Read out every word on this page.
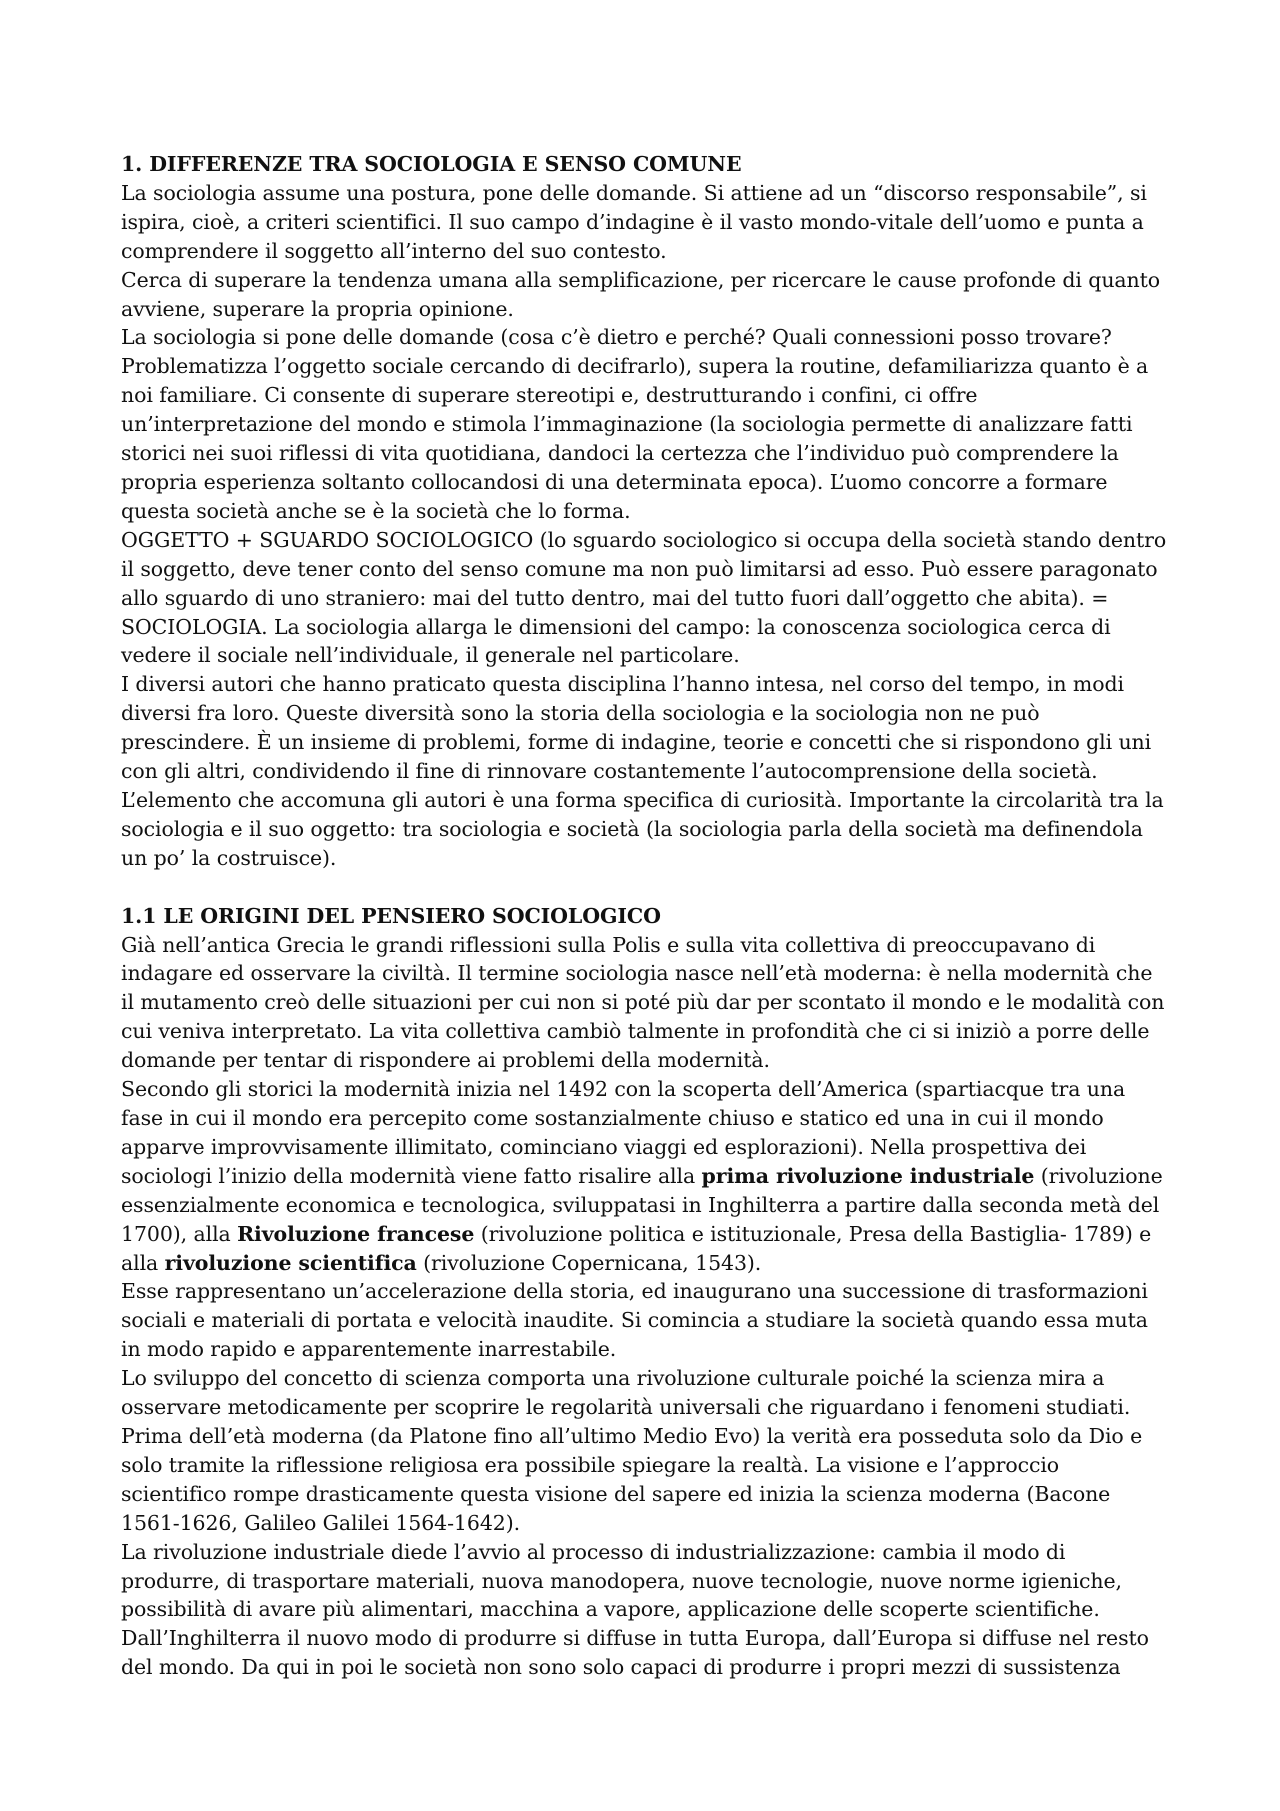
1. DIFFERENZE TRA SOCIOLOGIA E SENSO COMUNE

La sociologia assume una postura, pone delle domande. Si attiene ad un “discorso responsabile”, si ispira, cioè, a criteri scientifici. Il suo campo d’indagine è il vasto mondo-vitale dell’uomo e punta a comprendere il soggetto all’interno del suo contesto.

Cerca di superare la tendenza umana alla semplificazione, per ricercare le cause profonde di quanto avviene, superare la propria opinione.

La sociologia si pone delle domande (cosa c’è dietro e perché? Quali connessioni posso trovare? Problematizza l’oggetto sociale cercando di decifrarlo), supera la routine, defamiliarizza quanto è a noi familiare. Ci consente di superare stereotipi e, destrutturando i confini, ci offre un’interpretazione del mondo e stimola l’immaginazione (la sociologia permette di analizzare fatti storici nei suoi riflessi di vita quotidiana, dandoci la certezza che l’individuo può comprendere la propria esperienza soltanto collocandosi di una determinata epoca). L’uomo concorre a formare questa società anche se è la società che lo forma.

OGGETTO + SGUARDO SOCIOLOGICO (lo sguardo sociologico si occupa della società stando dentro il soggetto, deve tener conto del senso comune ma non può limitarsi ad esso. Può essere paragonato allo sguardo di uno straniero: mai del tutto dentro, mai del tutto fuori dall’oggetto che abita). = SOCIOLOGIA. La sociologia allarga le dimensioni del campo: la conoscenza sociologica cerca di vedere il sociale nell’individuale, il generale nel particolare.

I diversi autori che hanno praticato questa disciplina l’hanno intesa, nel corso del tempo, in modi diversi fra loro. Queste diversità sono la storia della sociologia e la sociologia non ne può prescindere. È un insieme di problemi, forme di indagine, teorie e concetti che si rispondono gli uni con gli altri, condividendo il fine di rinnovare costantemente l’autocomprensione della società. L’elemento che accomuna gli autori è una forma specifica di curiosità. Importante la circolarità tra la sociologia e il suo oggetto: tra sociologia e società (la sociologia parla della società ma definendola un po’ la costruisce).

1.1 LE ORIGINI DEL PENSIERO SOCIOLOGICO

Già nell’antica Grecia le grandi riflessioni sulla Polis e sulla vita collettiva di preoccupavano di indagare ed osservare la civiltà. Il termine sociologia nasce nell’età moderna: è nella modernità che il mutamento creò delle situazioni per cui non si poté più dar per scontato il mondo e le modalità con cui veniva interpretato. La vita collettiva cambiò talmente in profondità che ci si iniziò a porre delle domande per tentar di rispondere ai problemi della modernità.

Secondo gli storici la modernità inizia nel 1492 con la scoperta dell’America (spartiacque tra una fase in cui il mondo era percepito come sostanzialmente chiuso e statico ed una in cui il mondo apparve improvvisamente illimitato, cominciano viaggi ed esplorazioni). Nella prospettiva dei sociologi l’inizio della modernità viene fatto risalire alla prima rivoluzione industriale (rivoluzione essenzialmente economica e tecnologica, sviluppatasi in Inghilterra a partire dalla seconda metà del 1700), alla Rivoluzione francese (rivoluzione politica e istituzionale, Presa della Bastiglia- 1789) e alla rivoluzione scientifica (rivoluzione Copernicana, 1543).

Esse rappresentano un’accelerazione della storia, ed inaugurano una successione di trasformazioni sociali e materiali di portata e velocità inaudite. Si comincia a studiare la società quando essa muta in modo rapido e apparentemente inarrestabile.

Lo sviluppo del concetto di scienza comporta una rivoluzione culturale poiché la scienza mira a osservare metodicamente per scoprire le regolarità universali che riguardano i fenomeni studiati. Prima dell’età moderna (da Platone fino all’ultimo Medio Evo) la verità era posseduta solo da Dio e solo tramite la riflessione religiosa era possibile spiegare la realtà. La visione e l’approccio scientifico rompe drasticamente questa visione del sapere ed inizia la scienza moderna (Bacone 1561-1626, Galileo Galilei 1564-1642).

La rivoluzione industriale diede l’avvio al processo di industrializzazione: cambia il modo di produrre, di trasportare materiali, nuova manodopera, nuove tecnologie, nuove norme igieniche, possibilità di avare più alimentari, macchina a vapore, applicazione delle scoperte scientifiche. Dall’Inghilterra il nuovo modo di produrre si diffuse in tutta Europa, dall’Europa si diffuse nel resto del mondo. Da qui in poi le società non sono solo capaci di produrre i propri mezzi di sussistenza
